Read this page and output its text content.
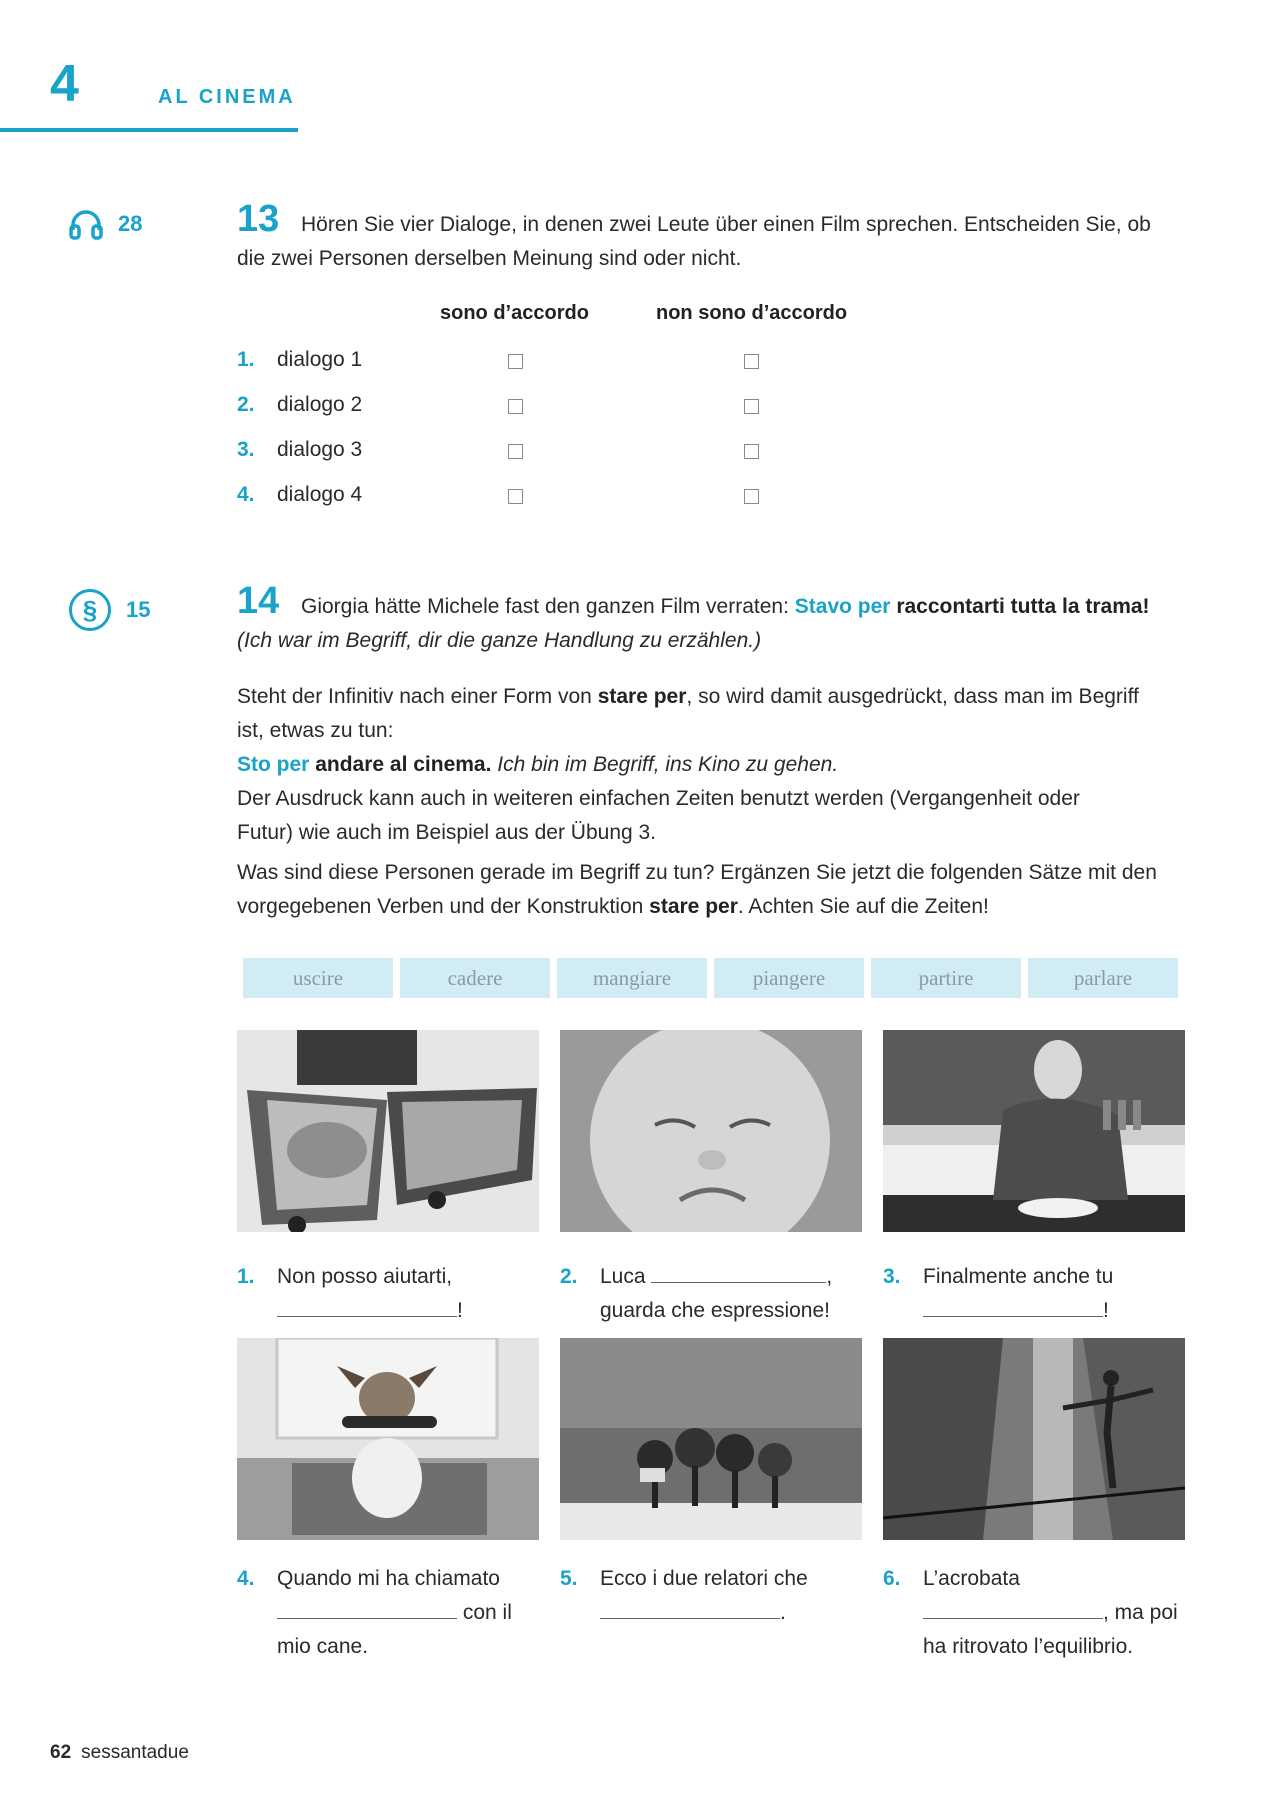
4	AL CINEMA
28 13	Hören Sie vier Dialoge, in denen zwei Leute über einen Film sprechen. Entscheiden Sie, ob
die zwei Personen derselben Meinung sind oder nicht.
sono d’accordo	non sono d’accordo
1. dialogo 1
2. dialogo 2
3. dialogo 3
4. dialogo 4
§ 15 14	Giorgia hätte Michele fast den ganzen Film verraten: Stavo per raccontarti tutta la trama!
(Ich war im Begriff, dir die ganze Handlung zu erzählen.)
Steht der Infinitiv nach einer Form von stare per, so wird damit ausgedrückt, dass man im Begriff
ist, etwas zu tun:
Sto per andare al cinema. Ich bin im Begriff, ins Kino zu gehen.
Der Ausdruck kann auch in weiteren einfachen Zeiten benutzt werden (Vergangenheit oder
Futur) wie auch im Beispiel aus der Übung 3.
Was sind diese Personen gerade im Begriff zu tun? Ergänzen Sie jetzt die folgenden Sätze mit den
vorgegebenen Verben und der Konstruktion stare per. Achten Sie auf die Zeiten!
uscire	cadere	mangiare	piangere	partire	parlare
1. Non posso aiutarti,
!
2. Luca	,
guarda che espressione!
3. Finalmente anche tu
!
4. Quando mi ha chiamato
con il
mio cane.
5. Ecco i due relatori che
.
6. L’acrobata
, ma poi
ha ritrovato l’equilibrio.
62 sessantadue
